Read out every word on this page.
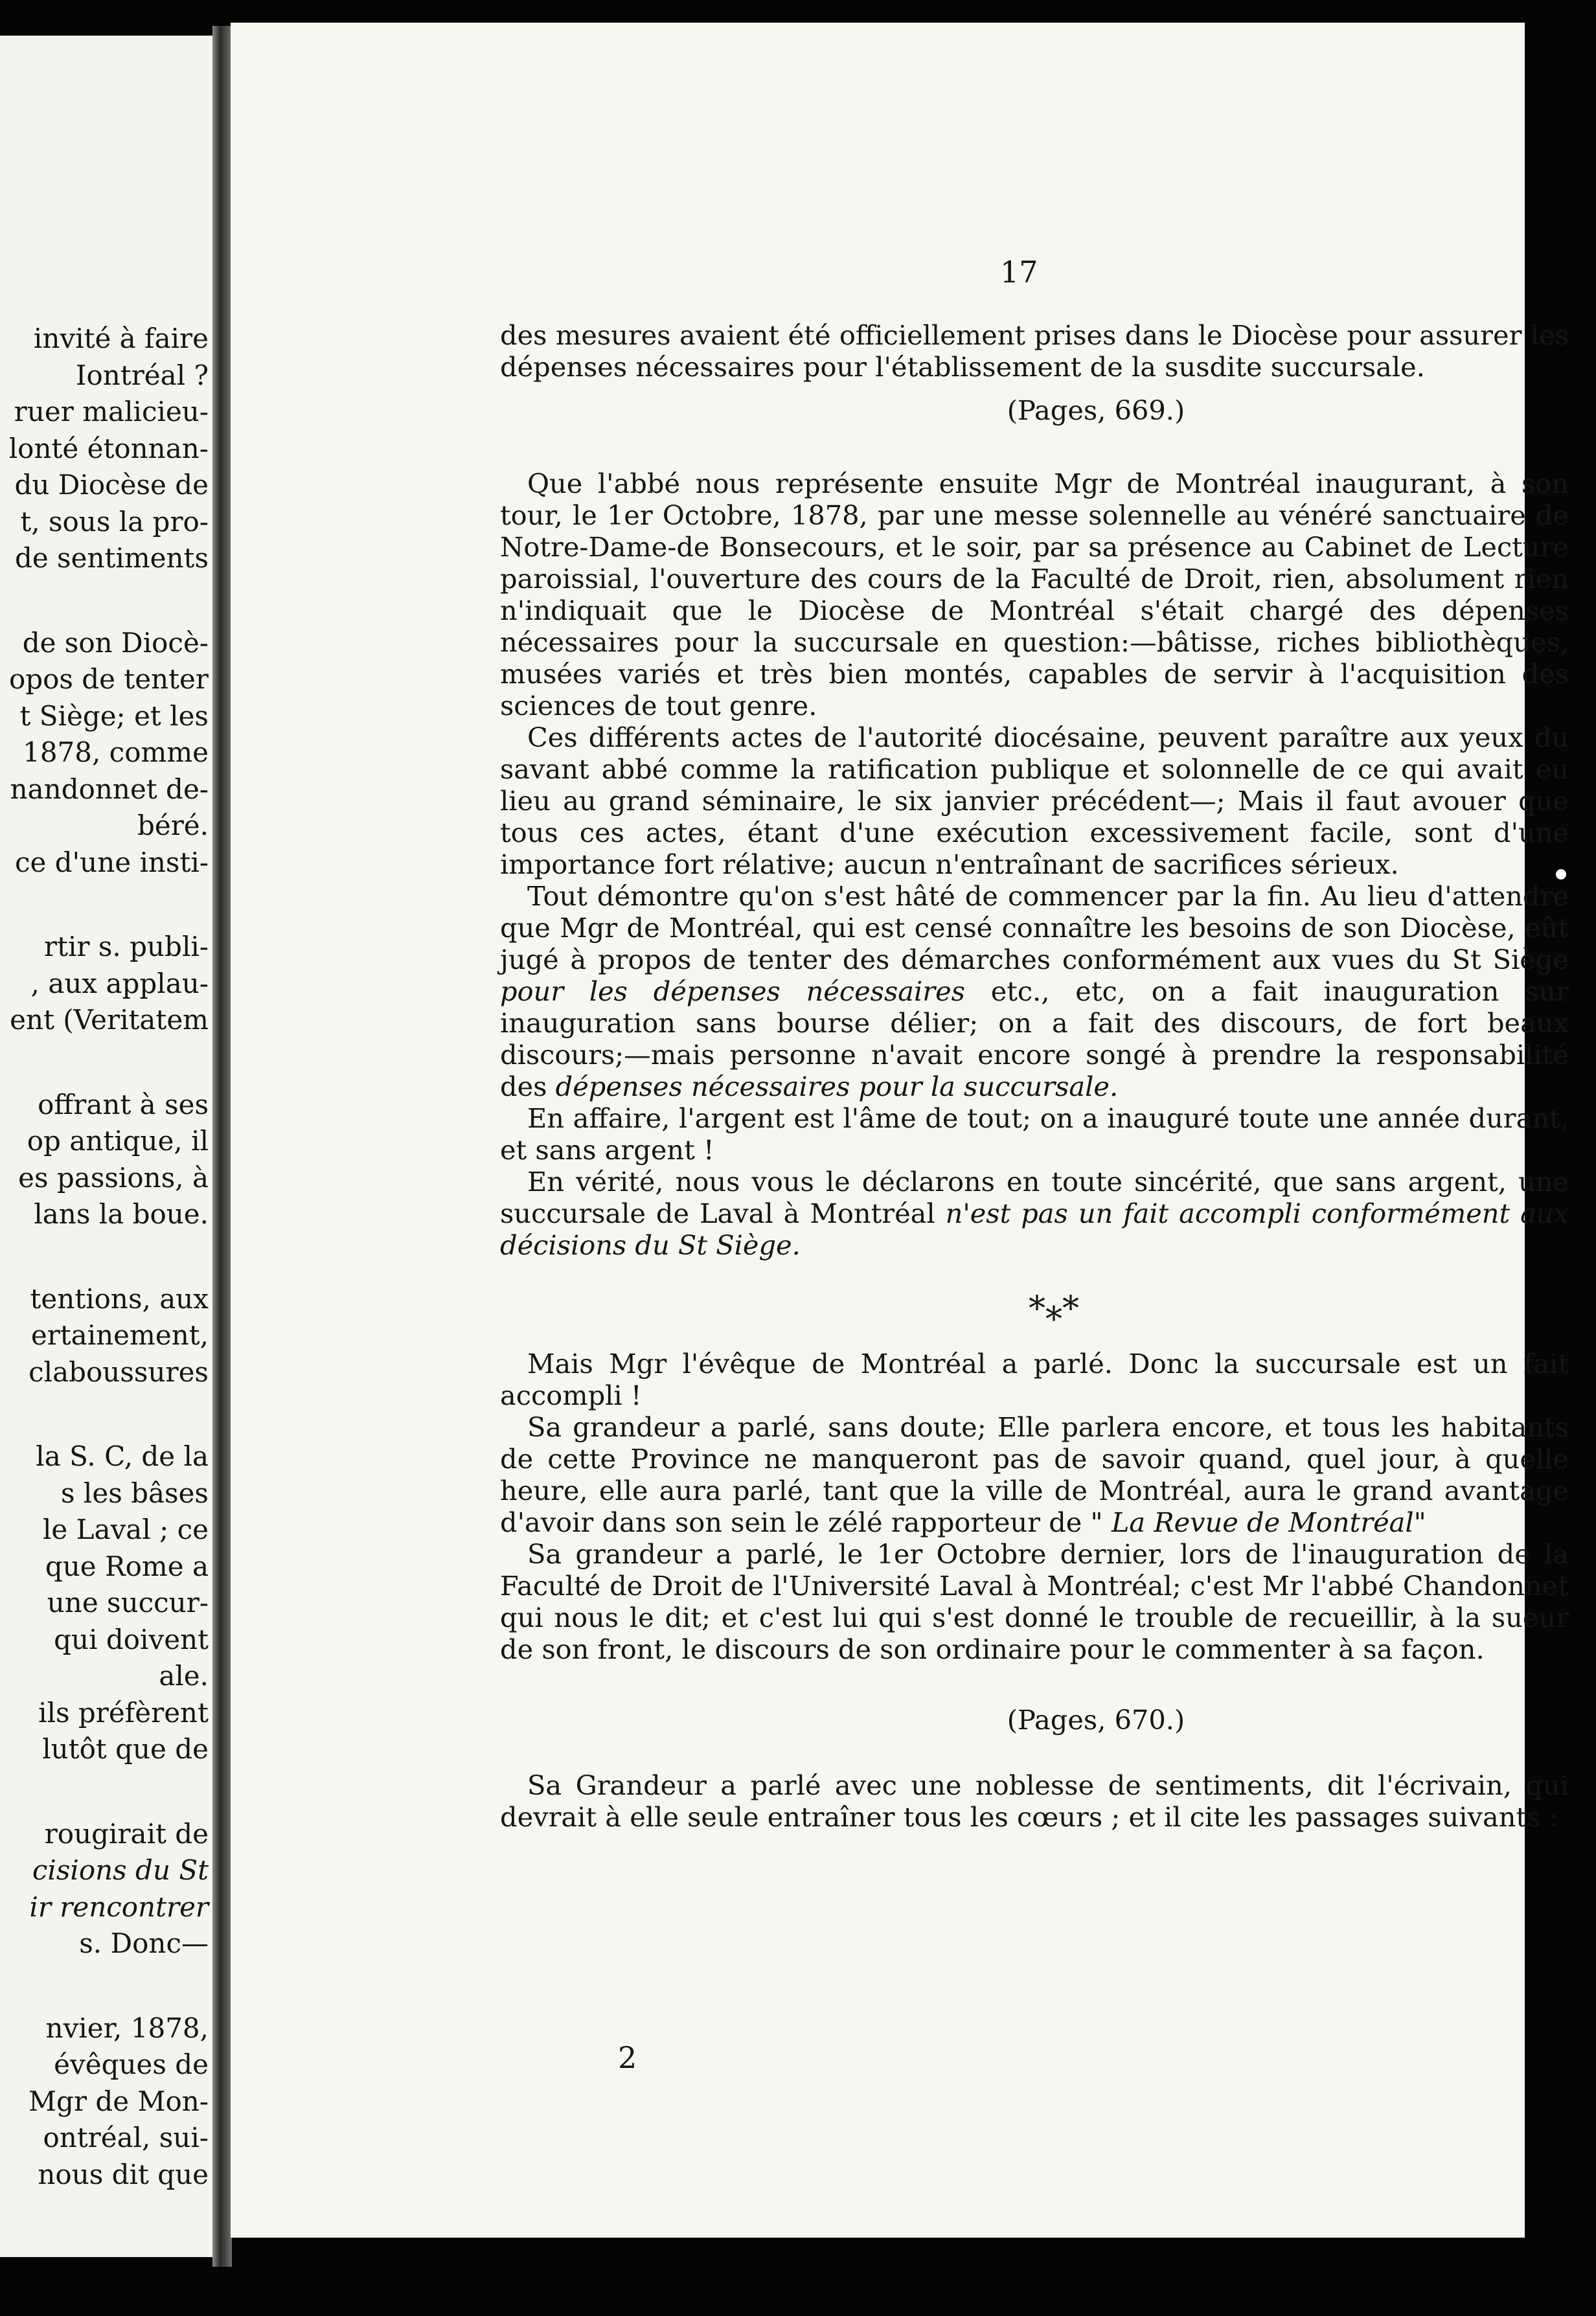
invité à faire
Iontréal ?
ruer malicieu-
lonté étonnan-
du Diocèse de
t, sous la pro-
de sentiments
de son Diocè-
opos de tenter
t Siège; et les
1878, comme
nandonnet de-
béré.
ce d'une insti-
rtir s. publi-
, aux applau-
ent (Veritatem
offrant à ses
op antique, il
es passions, à
lans la boue.
tentions, aux
ertainement,
claboussures
la S. C, de la
s les bâses
le Laval ; ce
que Rome a
une succur-
qui doivent
ale.
ils préfèrent
lutôt que de
rougirait de
cisions du St
ir rencontrer
s. Donc—
nvier, 1878,
évêques de
Mgr de Mon-
ontréal, sui-
nous dit que
17

des mesures avaient été officiellement prises dans le Diocèse pour assurer les dépenses nécessaires pour l'établissement de la susdite succursale.

(Pages, 669.)

Que l'abbé nous représente ensuite Mgr de Montréal inaugurant, à son tour, le 1er Octobre, 1878, par une messe solennelle au vénéré sanctuaire de Notre-Dame-de Bonsecours, et le soir, par sa présence au Cabinet de Lecture paroissial, l'ouverture des cours de la Faculté de Droit, rien, absolument rien n'indiquait que le Diocèse de Montréal s'était chargé des dépenses nécessaires pour la succursale en question:—bâtisse, riches bibliothèques, musées variés et très bien montés, capables de servir à l'acquisition des sciences de tout genre.

Ces différents actes de l'autorité diocésaine, peuvent paraître aux yeux du savant abbé comme la ratification publique et solonnelle de ce qui avait eu lieu au grand séminaire, le six janvier précédent—; Mais il faut avouer que tous ces actes, étant d'une exécution excessivement facile, sont d'une importance fort rélative; aucun n'entraînant de sacrifices sérieux.

Tout démontre qu'on s'est hâté de commencer par la fin. Au lieu d'attendre que Mgr de Montréal, qui est censé connaître les besoins de son Diocèse, eût jugé à propos de tenter des démarches conformément aux vues du St Siège pour les dépenses nécessaires etc., etc, on a fait inauguration sur inauguration sans bourse délier; on a fait des discours, de fort beaux discours;—mais personne n'avait encore songé à prendre la responsabilité des dépenses nécessaires pour la succursale.

En affaire, l'argent est l'âme de tout; on a inauguré toute une année durant, et sans argent !

En vérité, nous vous le déclarons en toute sincérité, que sans argent, une succursale de Laval à Montréal n'est pas un fait accompli conformément aux décisions du St Siège.

*⁎*

Mais Mgr l'évêque de Montréal a parlé. Donc la succursale est un fait accompli !

Sa grandeur a parlé, sans doute; Elle parlera encore, et tous les habitants de cette Province ne manqueront pas de savoir quand, quel jour, à quelle heure, elle aura parlé, tant que la ville de Montréal, aura le grand avantage d'avoir dans son sein le zélé rapporteur de " La Revue de Montréal"

Sa grandeur a parlé, le 1er Octobre dernier, lors de l'inauguration de la Faculté de Droit de l'Université Laval à Montréal; c'est Mr l'abbé Chandonnet qui nous le dit; et c'est lui qui s'est donné le trouble de recueillir, à la sueur de son front, le discours de son ordinaire pour le commenter à sa façon.

(Pages, 670.)

Sa Grandeur a parlé avec une noblesse de sentiments, dit l'écrivain, qui devrait à elle seule entraîner tous les cœurs ; et il cite les passages suivants :

2
